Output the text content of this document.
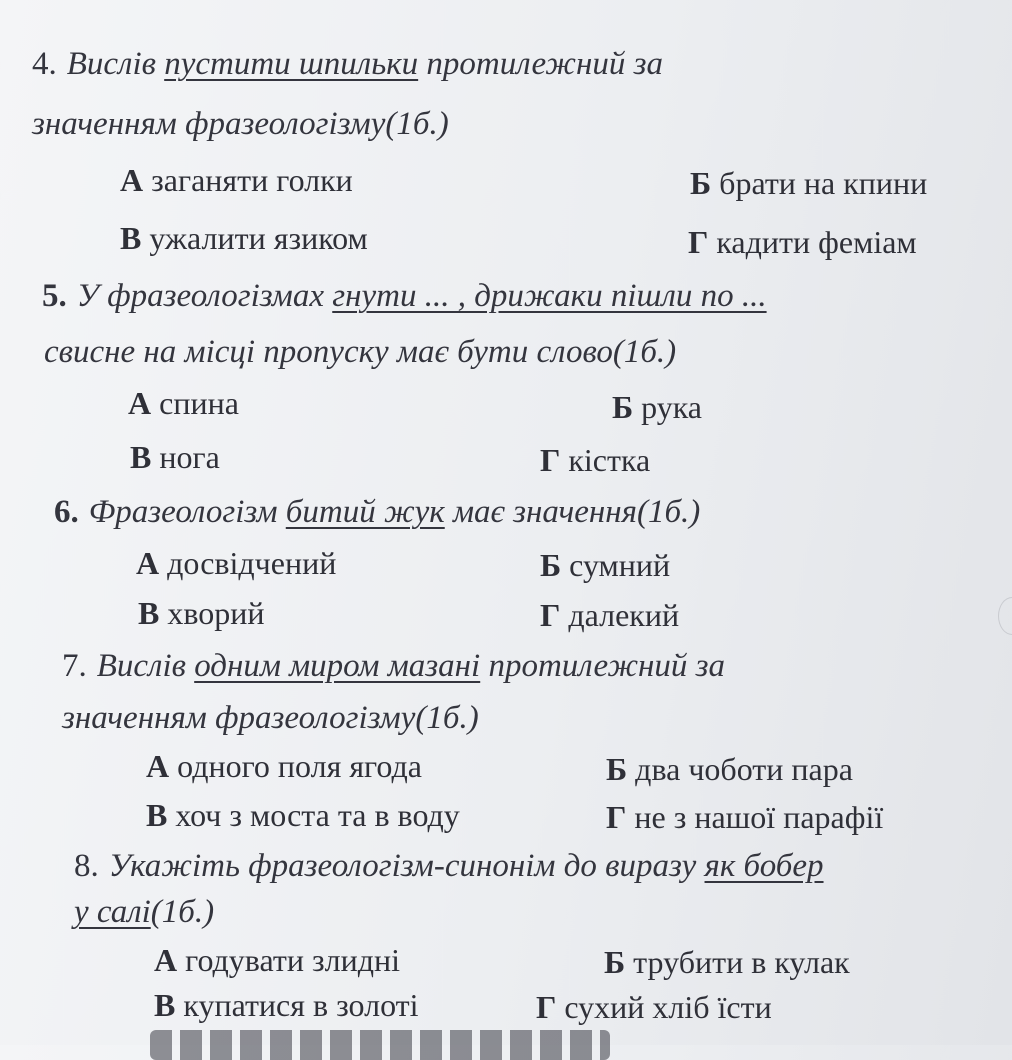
4. Вислів пустити шпильки протилежний за
значенням фразеологізму(1б.)
А заганяти голки	Б брати на кпини
В ужалити язиком	Г кадити феміам
5. У фразеологізмах гнути ... , дрижаки пішли по ...
свисне на місці пропуску має бути слово(1б.)
А спина	Б рука
В нога	Г кістка
6. Фразеологізм битий жук має значення(1б.)
А досвідчений	Б сумний
В хворий	Г далекий
7. Вислів одним миром мазані протилежний за
значенням фразеологізму(1б.)
А одного поля ягода	Б два чоботи пара
В хоч з моста та в воду	Г не з нашої парафії
8. Укажіть фразеологізм-синонім до виразу як бобер
у салі(1б.)
А годувати злидні	Б трубити в кулак
В купатися в золоті	Г сухий хліб їсти
